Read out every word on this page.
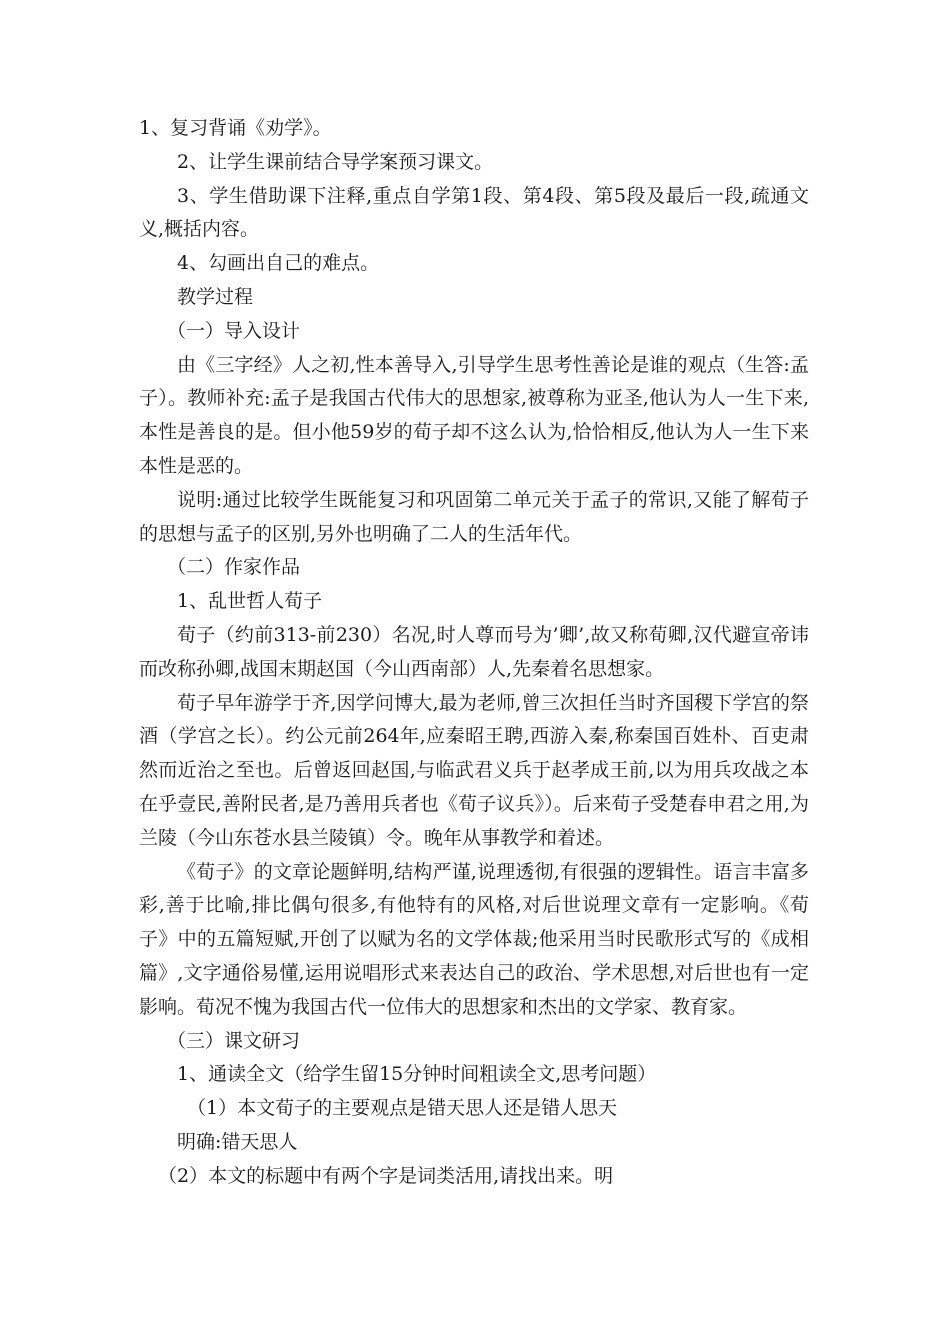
1、复习背诵《劝学》。

2、让学生课前结合导学案预习课文。

3、学生借助课下注释,重点自学第1段、第4段、第5段及最后一段,疏通文义,概括内容。

4、勾画出自己的难点。

教学过程

（一）导入设计

由《三字经》人之初,性本善导入,引导学生思考性善论是谁的观点（生答:孟子）。教师补充:孟子是我国古代伟大的思想家,被尊称为亚圣,他认为人一生下来,本性是善良的是。但小他59岁的荀子却不这么认为,恰恰相反,他认为人一生下来本性是恶的。

说明:通过比较学生既能复习和巩固第二单元关于孟子的常识,又能了解荀子的思想与孟子的区别,另外也明确了二人的生活年代。

（二）作家作品

1、乱世哲人荀子

荀子（约前313-前230）名况,时人尊而号为’卿’,故又称荀卿,汉代避宣帝讳而改称孙卿,战国末期赵国（今山西南部）人,先秦着名思想家。

荀子早年游学于齐,因学问博大,最为老师,曾三次担任当时齐国稷下学宫的祭酒（学宫之长）。约公元前264年,应秦昭王聘,西游入秦,称秦国百姓朴、百吏肃然而近治之至也。后曾返回赵国,与临武君义兵于赵孝成王前,以为用兵攻战之本在乎壹民,善附民者,是乃善用兵者也《荀子议兵》）。后来荀子受楚春申君之用,为兰陵（今山东苍水县兰陵镇）令。晚年从事教学和着述。

《荀子》的文章论题鲜明,结构严谨,说理透彻,有很强的逻辑性。语言丰富多彩,善于比喻,排比偶句很多,有他特有的风格,对后世说理文章有一定影响。《荀子》中的五篇短赋,开创了以赋为名的文学体裁;他采用当时民歌形式写的《成相篇》,文字通俗易懂,运用说唱形式来表达自己的政治、学术思想,对后世也有一定影响。荀况不愧为我国古代一位伟大的思想家和杰出的文学家、教育家。

（三）课文研习

1、通读全文（给学生留15分钟时间粗读全文,思考问题）

（1）本文荀子的主要观点是错天思人还是错人思天

明确:错天思人

（2）本文的标题中有两个字是词类活用,请找出来。明
